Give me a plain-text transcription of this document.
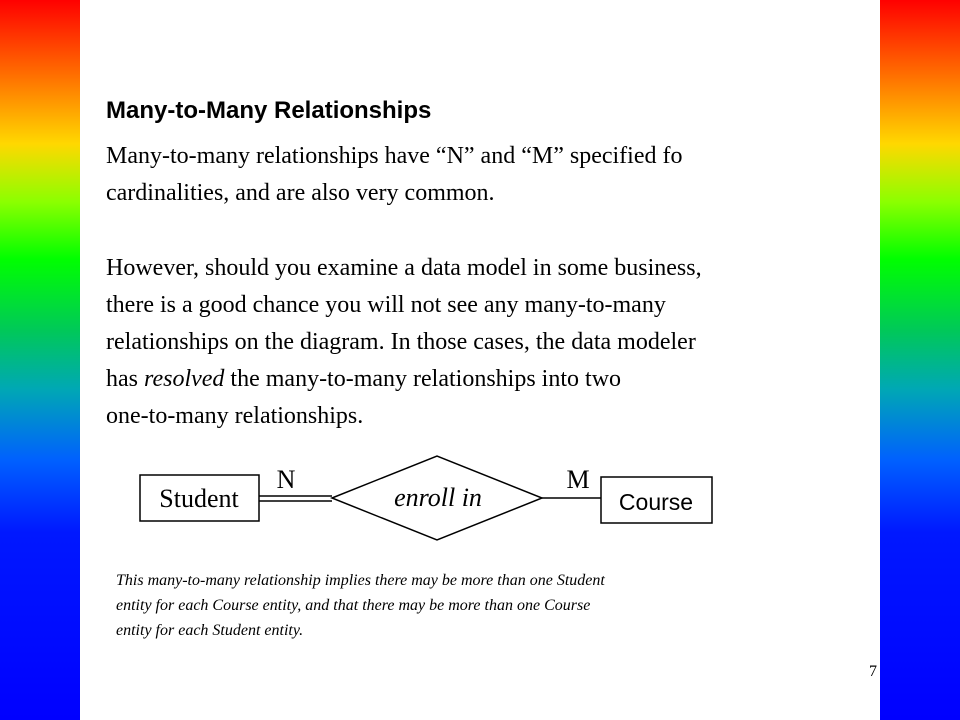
Many-to-Many Relationships

Many-to-many relationships have “N” and “M” specified fo
cardinalities, and are also very common.

However, should you examine a data model in some business,
there is a good chance you will not see any many-to-many
relationships on the diagram. In those cases, the data modeler
has resolved the many-to-many relationships into two
one-to-many relationships.

Student	enroll in	Course
N	M

This many-to-many relationship implies there may be more than one Student
entity for each Course entity, and that there may be more than one Course
entity for each Student entity.

7
